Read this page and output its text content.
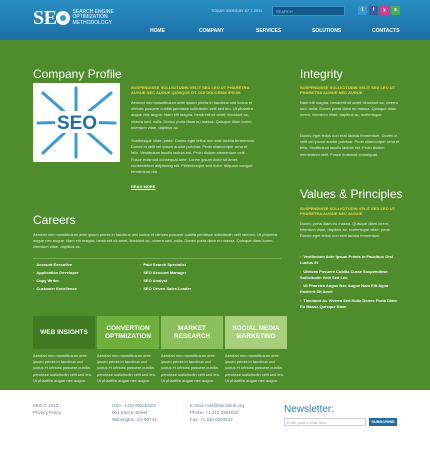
SE	SEARCH ENGINE OPTIMIZATION METHODOLOGY
TODAY: MONDAY 07.7.2011	SEARCH	t	f	y	s
HOME	COMPANY	SERVICES	SOLUTIONS	CONTACTS
Company Profile
SEO
SUSPENDISSE SOLLICITUDIN VELIT SED LEO UT PHARETRA AUGUE NEC AUGUE QUISQUE DT. DUI DOLOREM IPSUM
Aenean nec mosstibulum ante ipsum primis in faucibus orci luctus et ultrices posuere cubilia pendisse sollicitudin velit sed leo. Ut pharetra augue nec augue. Nam elit magna, hendrerit sit amet, tincidunt ac, viverra sed, nulla. Donec porta diam eu massa. Quisque diam lorem, interdum vitae, dapibus ac.
Scelerisque vitae, pede. Donec eget tellus non erat lacinia fermentum. Donec in velit vel ipsum auctor pulvinar. Proin ullamcorper urna et felis. Vestibulum iaculis lacinia est. Proin dictum elementum velit. Fusce euismod consequat ante. Lorem ipsum dolor sit amet, consectetuer adipiscing elit. Pellentesque sed dolor. Aliquam congue fermentum nisl.
READ MORE
Integrity
SUSPENDISSE SOLLICITUDIN VELIT SED LEO UT PHARETRA AUGUE NEC AUGUE
Nam elit magna, hendrerit sit amet, tincidunt ac, viverra sed, nulla. Donec porta diam eu massa. Quisque diam lorem, interdum vitae, dapibus ac, scelerisque.
Donec eget tellus non erat lacinia fermentum. Donec in velit vel ipsum auctor pulvinar. Proin ullamcorper urna et felis. Vestibulum iaculis lacinia est. Proin dictum elementum velit. Fusce euismod consequat.
Values & Principles
SUSPENDISSE SOLLICITUDIN VELIT SED LEO UT PHARETRA AUGUE NEC AUGUE
Donec porta diam eu massa. Quisque diam lorem, interdum vitae, dapibus ac, scelerisque vitae, pede. Donec eget tellus non erat lacinia fermentum.
› Vestibulum Ante Ipsum Primis In Faucibus Orci Luctus Et
› Ultrices Posuere Cubilia Curae Suspendisse Sollicitudin Velit Sed Leo
› Ut Pharetra Augue Nec Augue Nam Elit Agna Endrerit Sit Amet
› Tincidunt Ac Viverra Sed Nulla Donec Porta Diam Eu Massa Quisque Diam
Careers
Aenean nec mosstibulum ante ipsum primis in faucibus orci luctus et ultrices posuere cubilia pendisse sollicitudin velit sed leo. Ut pharetra augue nec augue. Nam elit magna, hendrerit sit amet, tincidunt ac, viverra sed, nulla. Donec porta diam eu massa. Quisque diam lorem, interdum vitae, dapibus ac.
› Account Executive
› Application Developer
› Copy Writer
› Customer Excellence
› Paid Search Specialist
› SEO Account Manager
› SEO Analyst
› SEO Driven Sales Leader
WEB INSIGHTS
CONVERTION OPTIMIZATION
MARKET RESEARCH
SOCIAL MEDIA MARKETING
Aenean nec mosstibulum ante ipsum primis in faucibus orci luctus et ultrices posuere cubilia pendisse sollicitudin velit sed leo. Ut pharetra augue nec augue.
Aenean nec mosstibulum ante ipsum primis in faucibus orci luctus et ultrices posuere cubilia pendisse sollicitudin velit sed leo. Ut pharetra augue nec augue.
Aenean nec mosstibulum ante ipsum primis in faucibus orci luctus et ultrices posuere cubilia pendisse sollicitudin velit sed leo. Ut pharetra augue nec augue.
Aenean nec mosstibulum ante ipsum primis in faucibus orci luctus et ultrices posuere cubilia pendisse sollicitudin velit sed leo. Ut pharetra augue nec augue.
SEO © 2012
Privacy Policy
USA - LOS ANGELES
901 East E Street
Wilmington, CA 90744
E-mail: mail@demolink.org
Phone: +1 312 3304522
Fax: +1 310 0304533
Newsletter:
Enter your e-mail here	SUBSCRIBE
